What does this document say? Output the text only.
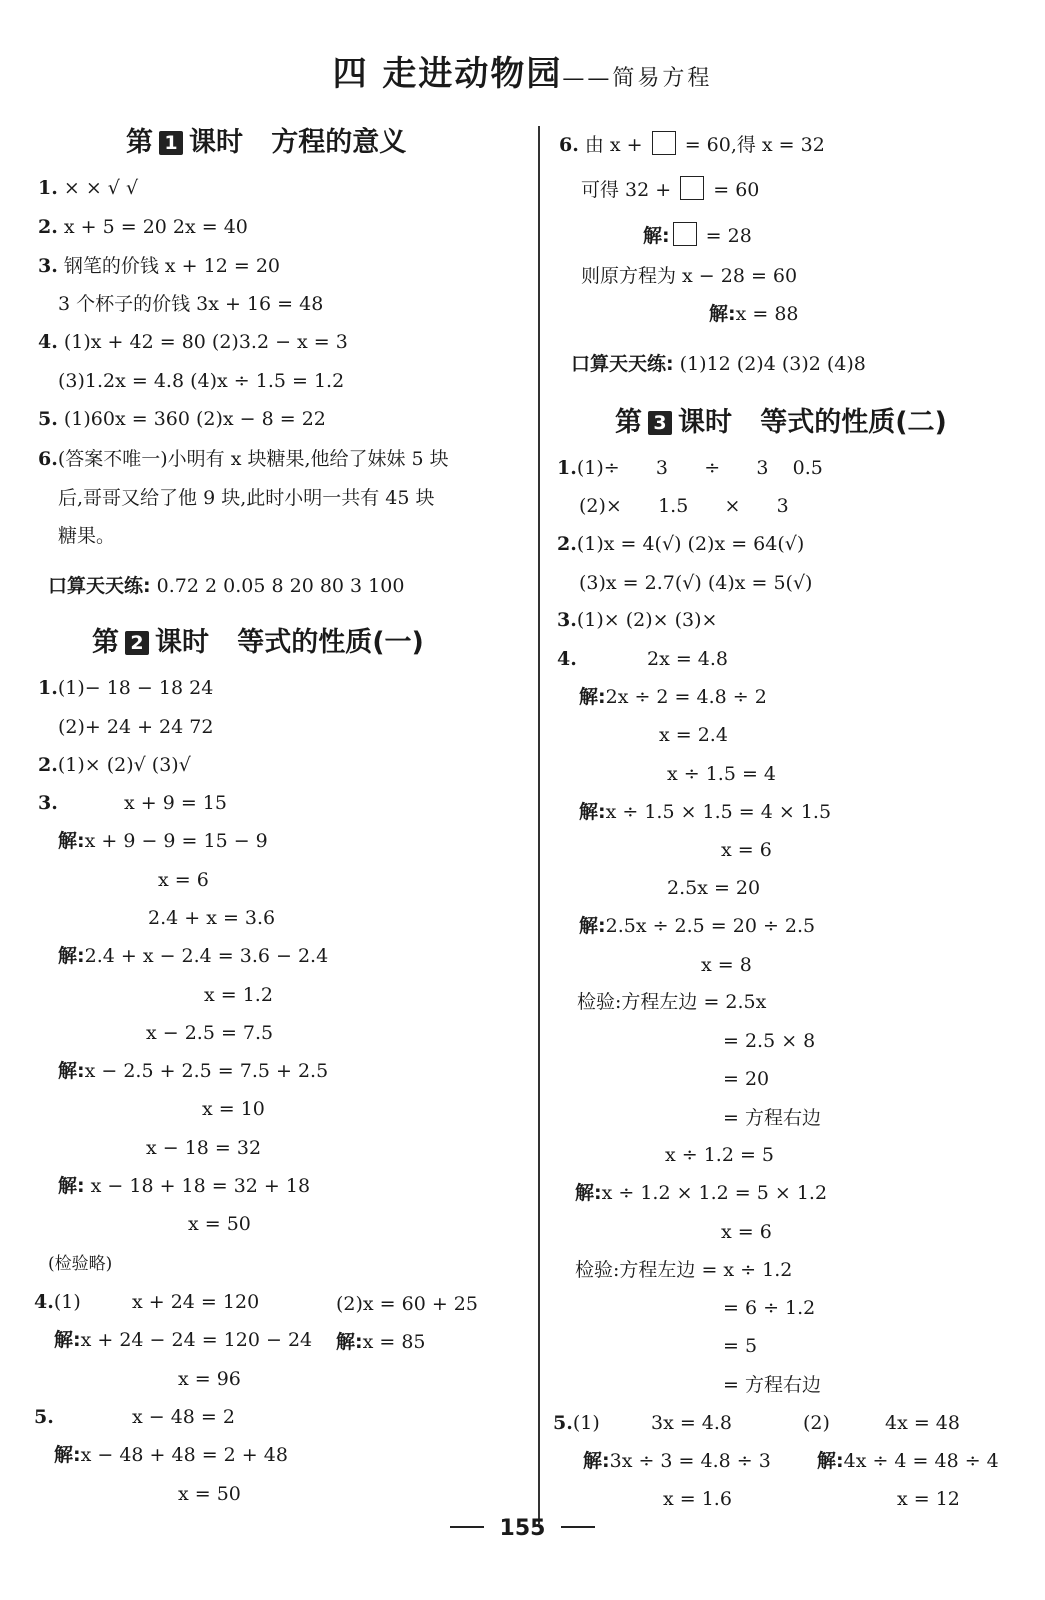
四 走进动物园——简易方程
第 1 课时 方程的意义
1. × × √ √
2. x + 5 = 20 2x = 40
3. 钢笔的价钱 x + 12 = 20
3 个杯子的价钱 3x + 16 = 48
4. (1)x + 42 = 80 (2)3.2 − x = 3
(3)1.2x = 4.8 (4)x ÷ 1.5 = 1.2
5. (1)60x = 360 (2)x − 8 = 22
6.(答案不唯一)小明有 x 块糖果,他给了妹妹 5 块
后,哥哥又给了他 9 块,此时小明一共有 45 块
糖果。
口算天天练: 0.72 2 0.05 8 20 80 3 100
第 2 课时 等式的性质(一)
1.(1)− 18 − 18 24
(2)+ 24 + 24 72
2.(1)× (2)√ (3)√
3.	x + 9 = 15
解:x + 9 − 9 = 15 − 9
x = 6
2.4 + x = 3.6
解:2.4 + x − 2.4 = 3.6 − 2.4
x = 1.2
x − 2.5 = 7.5
解:x − 2.5 + 2.5 = 7.5 + 2.5
x = 10
x − 18 = 32
解: x − 18 + 18 = 32 + 18
x = 50
(检验略)
4.(1)	x + 24 = 120	(2)x = 60 + 25
解:x + 24 − 24 = 120 − 24 解:x = 85
x = 96
5.	x − 48 = 2
解:x − 48 + 48 = 2 + 48
x = 50
6. 由 x +  = 60,得 x = 32
可得 32 +  = 60
解: = 28
则原方程为 x − 28 = 60
解:x = 88
口算天天练: (1)12 (2)4 (3)2 (4)8
第 3 课时 等式的性质(二)
1.(1)÷      3      ÷      3    0.5
(2)×      1.5      ×      3
2.(1)x = 4(√) (2)x = 64(√)
(3)x = 2.7(√) (4)x = 5(√)
3.(1)× (2)× (3)×
4.	2x = 4.8
解:2x ÷ 2 = 4.8 ÷ 2
x = 2.4
x ÷ 1.5 = 4
解:x ÷ 1.5 × 1.5 = 4 × 1.5
x = 6
2.5x = 20
解:2.5x ÷ 2.5 = 20 ÷ 2.5
x = 8
检验:方程左边 = 2.5x
= 2.5 × 8
= 20
= 方程右边
x ÷ 1.2 = 5
解:x ÷ 1.2 × 1.2 = 5 × 1.2
x = 6
检验:方程左边 = x ÷ 1.2
= 6 ÷ 1.2
= 5
= 方程右边
5.(1)	3x = 4.8	(2)	4x = 48
解:3x ÷ 3 = 4.8 ÷ 3 解:4x ÷ 4 = 48 ÷ 4
x = 1.6	x = 12
155
